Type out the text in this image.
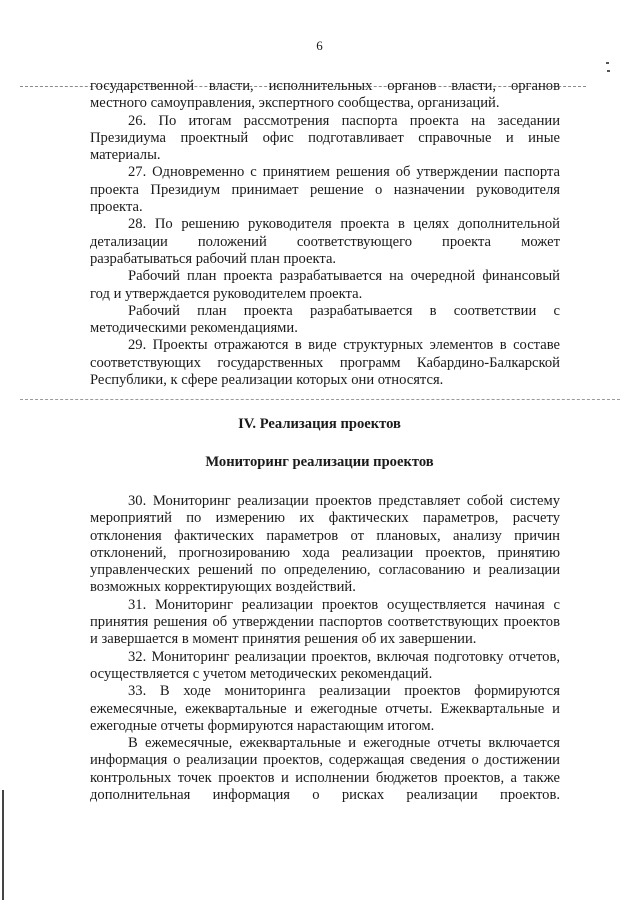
6

государственной власти, исполнительных органов власти, органов местного самоуправления, экспертного сообщества, организаций.

26. По итогам рассмотрения паспорта проекта на заседании Президиума проектный офис подготавливает справочные и иные материалы.

27. Одновременно с принятием решения об утверждении паспорта проекта Президиум принимает решение о назначении руководителя проекта.

28. По решению руководителя проекта в целях дополнительной детализации положений соответствующего проекта может разрабатываться рабочий план проекта.

Рабочий план проекта разрабатывается на очередной финансовый год и утверждается руководителем проекта.

Рабочий план проекта разрабатывается в соответствии с методическими рекомендациями.

29. Проекты отражаются в виде структурных элементов в составе соответствующих государственных программ Кабардино-Балкарской Республики, к сфере реализации которых они относятся.

IV. Реализация проектов
Мониторинг реализации проектов

30. Мониторинг реализации проектов представляет собой систему мероприятий по измерению их фактических параметров, расчету отклонения фактических параметров от плановых, анализу причин отклонений, прогнозированию хода реализации проектов, принятию управленческих решений по определению, согласованию и реализации возможных корректирующих воздействий.

31. Мониторинг реализации проектов осуществляется начиная с принятия решения об утверждении паспортов соответствующих проектов и завершается в момент принятия решения об их завершении.

32. Мониторинг реализации проектов, включая подготовку отчетов, осуществляется с учетом методических рекомендаций.

33. В ходе мониторинга реализации проектов формируются ежемесячные, ежеквартальные и ежегодные отчеты. Ежеквартальные и ежегодные отчеты формируются нарастающим итогом.

В ежемесячные, ежеквартальные и ежегодные отчеты включается информация о реализации проектов, содержащая сведения о достижении контрольных точек проектов и исполнении бюджетов проектов, а также дополнительная информация о рисках реализации проектов.
